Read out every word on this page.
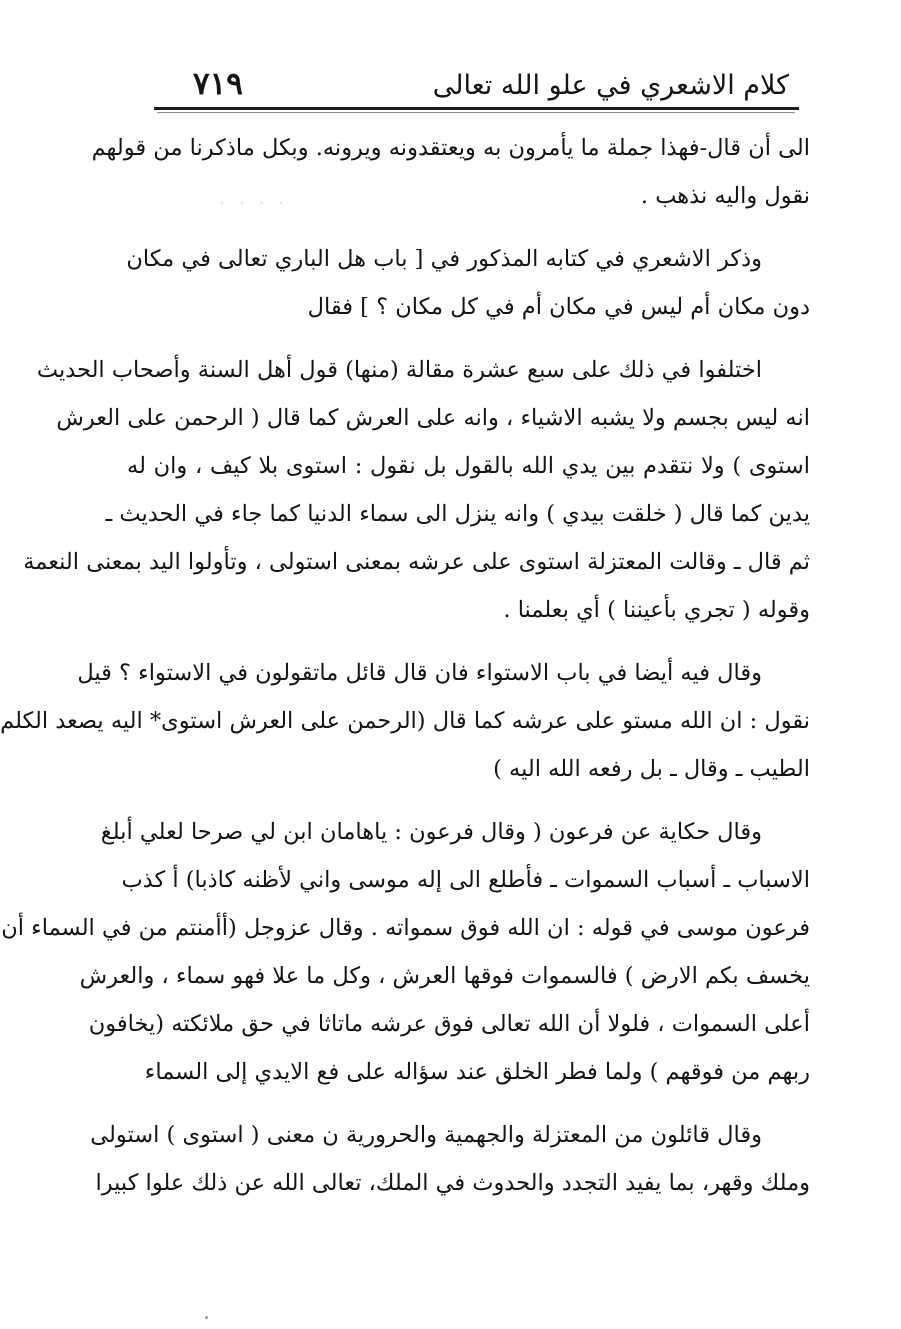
كلام الاشعري في علو الله تعالى
٧١٩
· · · ·
الى أن قال-فهذا جملة ما يأمرون به ويعتقدونه ويرونه. وبكل ماذكرنا من قولهم
نقول واليه نذهب .
وذكر الاشعري في كتابه المذكور في [ باب هل الباري تعالى في مكان
دون مكان أم ليس في مكان أم في كل مكان ؟ ] فقال
اختلفوا في ذلك على سبع عشرة مقالة (منها) قول أهل السنة وأصحاب الحديث
انه ليس بجسم ولا يشبه الاشياء ، وانه على العرش كما قال ( الرحمن على العرش
استوى ) ولا نتقدم بين يدي الله بالقول بل نقول : استوى بلا كيف ، وان له
يدين كما قال ( خلقت بيدي ) وانه ينزل الى سماء الدنيا كما جاء في الحديث ـ
ثم قال ـ وقالت المعتزلة استوى على عرشه بمعنى استولى ، وتأولوا اليد بمعنى النعمة
وقوله ( تجري بأعيننا ) أي بعلمنا .
وقال فيه أيضا في باب الاستواء فان قال قائل ماتقولون في الاستواء ؟ قيل
نقول : ان الله مستو على عرشه كما قال (الرحمن على العرش استوى* اليه يصعد الكلم
الطيب ـ وقال ـ بل رفعه الله اليه )
وقال حكاية عن فرعون ( وقال فرعون : ياهامان ابن لي صرحا لعلي أبلغ
الاسباب ـ أسباب السموات ـ فأطلع الى إله موسى واني لأظنه كاذبا) أ كذب
فرعون موسى في قوله : ان الله فوق سمواته . وقال عزوجل (أأمنتم من في السماء أن
يخسف بكم الارض ) فالسموات فوقها العرش ، وكل ما علا فهو سماء ، والعرش
أعلى السموات ، فلولا أن الله تعالى فوق عرشه ماتاثا في حق ملائكته (يخافون
ربهم من فوقهم ) ولما فطر الخلق عند سؤاله على فع الايدي إلى السماء
وقال قائلون من المعتزلة والجهمية والحرورية ن معنى ( استوى ) استولى
وملك وقهر، بما يفيد التجدد والحدوث في الملك، تعالى الله عن ذلك علوا كبيرا
